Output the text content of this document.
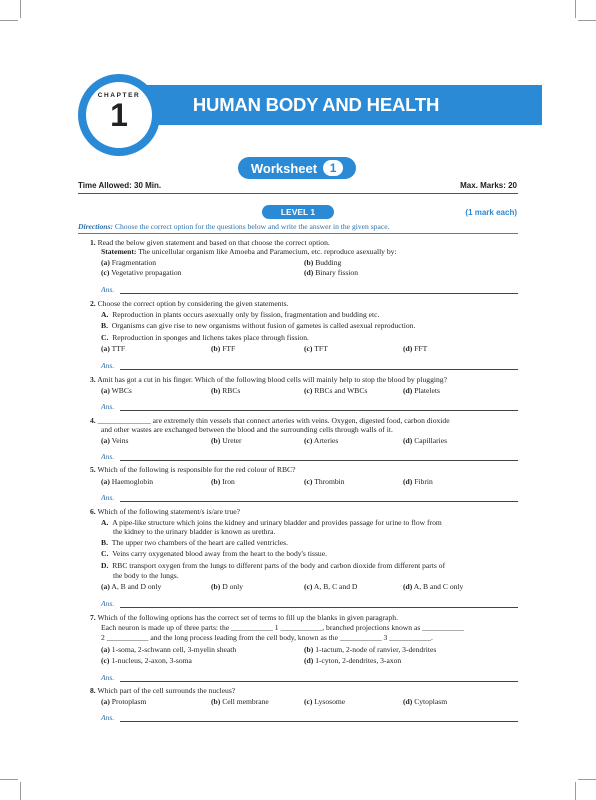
HUMAN BODY AND HEALTH
CHAPTER
1
Worksheet	1
Time Allowed: 30 Min.	Max. Marks: 20
LEVEL 1	(1 mark each)
Directions: Choose the correct option for the questions below and write the answer in the given space.
1. Read the below given statement and based on that choose the correct option.
Statement: The unicellular organism like Amoeba and Paramecium, etc. reproduce asexually by:
(a) Fragmentation	(b) Budding
(c) Vegetative propagation	(d) Binary fission
Ans.
2. Choose the correct option by considering the given statements.
A. Reproduction in plants occurs asexually only by fission, fragmentation and budding etc.
B. Organisms can give rise to new organisms without fusion of gametes is called asexual reproduction.
C. Reproduction in sponges and lichens takes place through fission.
(a) TTF	(b) FTF	(c) TFT	(d) FFT
Ans.
3. Amit has got a cut in his finger. Which of the following blood cells will mainly help to stop the blood by plugging?
(a) WBCs	(b) RBCs	(c) RBCs and WBCs	(d) Platelets
Ans.
4. ______________ are extremely thin vessels that connect arteries with veins. Oxygen, digested food, carbon dioxide
and other wastes are exchanged between the blood and the surrounding cells through walls of it.
(a) Veins	(b) Ureter	(c) Arteries	(d) Capillaries
Ans.
5. Which of the following is responsible for the red colour of RBC?
(a) Haemoglobin	(b) Iron	(c) Thrombin	(d) Fibrin
Ans.
6. Which of the following statement/s is/are true?
A. A pipe-like structure which joins the kidney and urinary bladder and provides passage for urine to flow from
the kidney to the urinary bladder is known as urethra.
B. The upper two chambers of the heart are called ventricles.
C. Veins carry oxygenated blood away from the heart to the body's tissue.
D. RBC transport oxygen from the lungs to different parts of the body and carbon dioxide from different parts of
the body to the lungs.
(a) A, B and D only	(b) D only	(c) A, B, C and D	(d) A, B and C only
Ans.
7. Which of the following options has the correct set of terms to fill up the blanks in given paragraph.
Each neuron is made up of three parts: the ___________ 1 ___________, branched projections known as ___________
2 ___________ and the long process leading from the cell body, known as the ___________ 3 ___________.
(a) 1-soma, 2-schwann cell, 3-myelin sheath	(b) 1-tactum, 2-node of ranvier, 3-dendrites
(c) 1-nucleus, 2-axon, 3-soma	(d) 1-cyton, 2-dendrites, 3-axon
Ans.
8. Which part of the cell surrounds the nucleus?
(a) Protoplasm	(b) Cell membrane	(c) Lysosome	(d) Cytoplasm
Ans.
